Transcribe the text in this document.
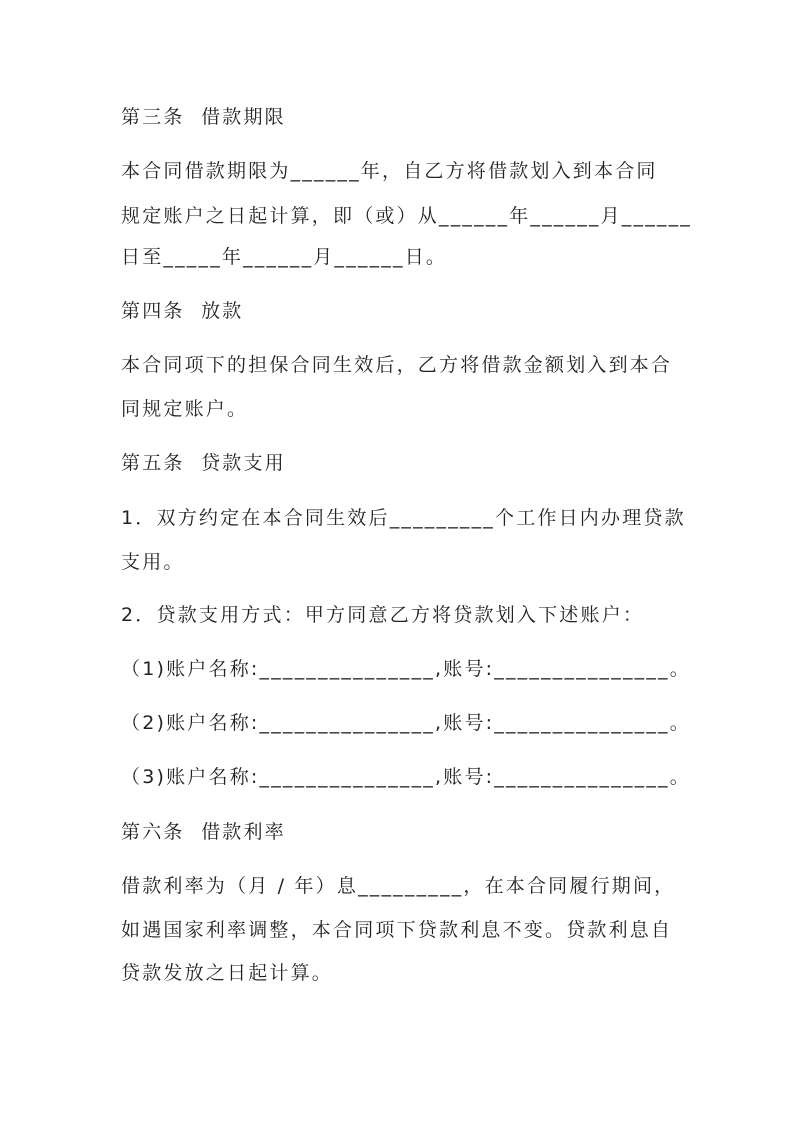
第三条  借款期限
本合同借款期限为______年，自乙方将借款划入到本合同
规定账户之日起计算，即（或）从______年______月______
日至_____年______月______日。
第四条  放款
本合同项下的担保合同生效后，乙方将借款金额划入到本合
同规定账户。
第五条  贷款支用
1．双方约定在本合同生效后_________个工作日内办理贷款
支用。
2．贷款支用方式：甲方同意乙方将贷款划入下述账户：
（1)账户名称:_______________,账号:_______________。
（2)账户名称:_______________,账号:_______________。
（3)账户名称:_______________,账号:_______________。
第六条  借款利率
借款利率为（月 / 年）息_________，在本合同履行期间，
如遇国家利率调整，本合同项下贷款利息不变。贷款利息自
贷款发放之日起计算。
